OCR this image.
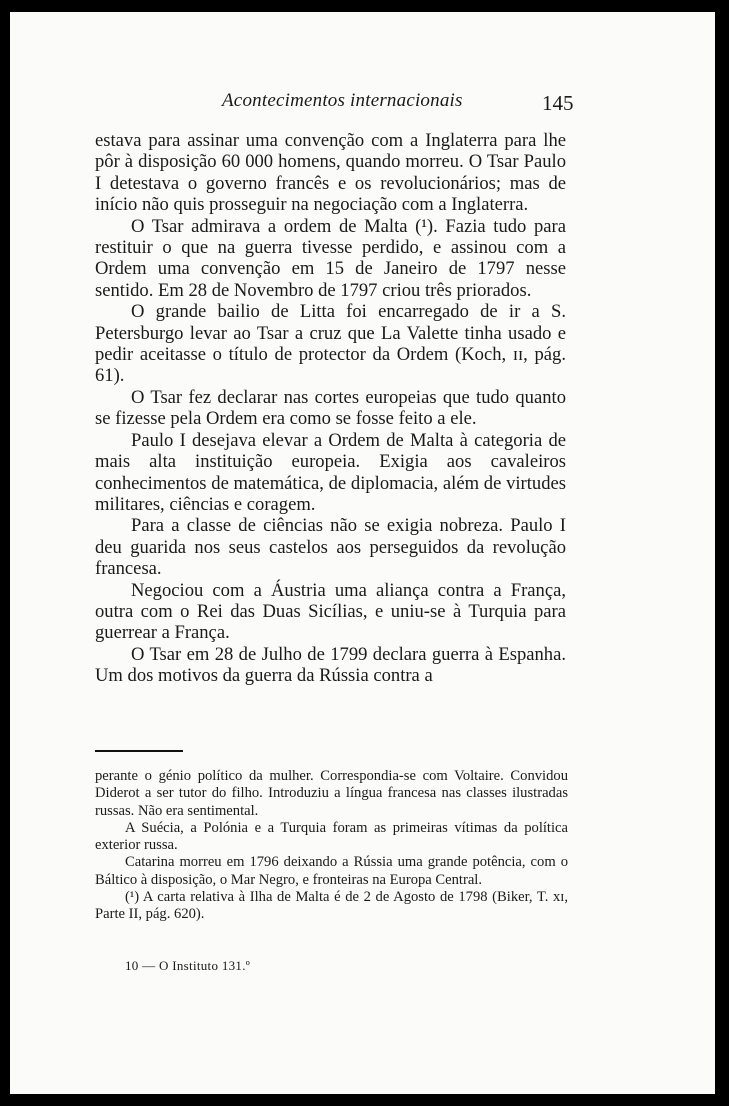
Acontecimentos internacionais	145

estava para assinar uma convenção com a Inglaterra para lhe pôr à disposição 60 000 homens, quando morreu. O Tsar Paulo I detestava o governo francês e os revolucionários; mas de início não quis prosseguir na negociação com a Inglaterra.

O Tsar admirava a ordem de Malta (¹). Fazia tudo para restituir o que na guerra tivesse perdido, e assinou com a Ordem uma convenção em 15 de Janeiro de 1797 nesse sentido. Em 28 de Novembro de 1797 criou três priorados.

O grande bailio de Litta foi encarregado de ir a S. Petersburgo levar ao Tsar a cruz que La Valette tinha usado e pedir aceitasse o título de protector da Ordem (Koch, ɪɪ, pág. 61).

O Tsar fez declarar nas cortes europeias que tudo quanto se fizesse pela Ordem era como se fosse feito a ele.

Paulo I desejava elevar a Ordem de Malta à categoria de mais alta instituição europeia. Exigia aos cavaleiros conhecimentos de matemática, de diplomacia, além de virtudes militares, ciências e coragem.

Para a classe de ciências não se exigia nobreza. Paulo I deu guarida nos seus castelos aos perseguidos da revolução francesa.

Negociou com a Áustria uma aliança contra a França, outra com o Rei das Duas Sicílias, e uniu-se à Turquia para guerrear a França.

O Tsar em 28 de Julho de 1799 declara guerra à Espanha. Um dos motivos da guerra da Rússia contra a

perante o génio político da mulher. Correspondia-se com Voltaire. Convidou Diderot a ser tutor do filho. Introduziu a língua francesa nas classes ilustradas russas. Não era sentimental.

A Suécia, a Polónia e a Turquia foram as primeiras vítimas da política exterior russa.

Catarina morreu em 1796 deixando a Rússia uma grande potência, com o Báltico à disposição, o Mar Negro, e fronteiras na Europa Central.

(¹) A carta relativa à Ilha de Malta é de 2 de Agosto de 1798 (Biker, T. xɪ, Parte II, pág. 620).

10 — O Instituto 131.º
